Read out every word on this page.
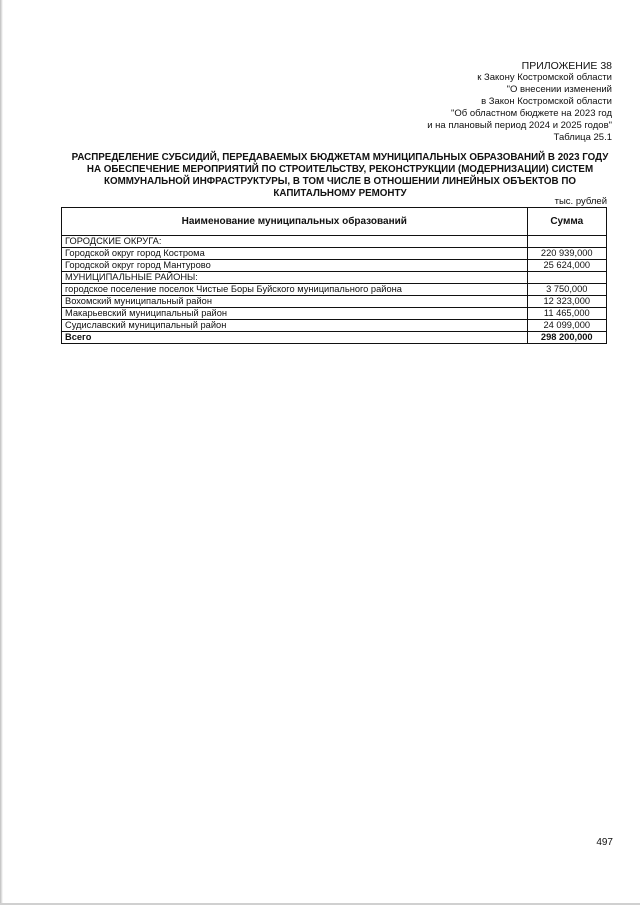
ПРИЛОЖЕНИЕ 38
к Закону Костромской области
"О внесении изменений
в Закон Костромской области
"Об областном бюджете на 2023 год
и на плановый период 2024 и 2025 годов"
Таблица 25.1
РАСПРЕДЕЛЕНИЕ СУБСИДИЙ, ПЕРЕДАВАЕМЫХ БЮДЖЕТАМ МУНИЦИПАЛЬНЫХ ОБРАЗОВАНИЙ В 2023 ГОДУ
НА ОБЕСПЕЧЕНИЕ МЕРОПРИЯТИЙ ПО СТРОИТЕЛЬСТВУ, РЕКОНСТРУКЦИИ (МОДЕРНИЗАЦИИ) СИСТЕМ
КОММУНАЛЬНОЙ ИНФРАСТРУКТУРЫ, В ТОМ ЧИСЛЕ В ОТНОШЕНИИ ЛИНЕЙНЫХ ОБЪЕКТОВ ПО
КАПИТАЛЬНОМУ РЕМОНТУ
тыс. рублей
Наименование муниципальных образований	Сумма
ГОРОДСКИЕ ОКРУГА:	
Городской округ город Кострома	220 939,000
Городской округ город Мантурово	25 624,000
МУНИЦИПАЛЬНЫЕ РАЙОНЫ:	
городское поселение поселок Чистые Боры Буйского муниципального района	3 750,000
Вохомский муниципальный район	12 323,000
Макарьевский муниципальный район	11 465,000
Судиславский муниципальный район	24 099,000
Всего	298 200,000
497
